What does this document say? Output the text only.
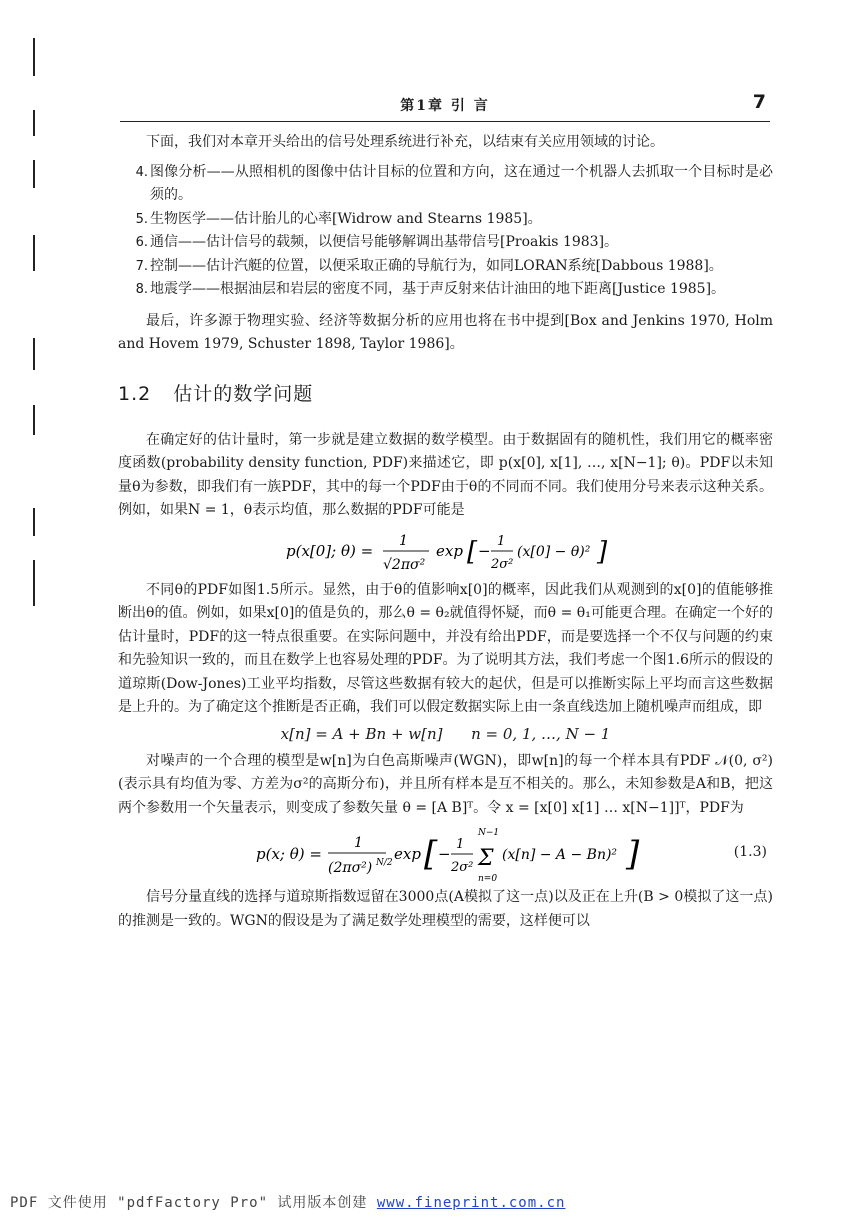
第1章 引 言	7

下面，我们对本章开头给出的信号处理系统进行补充，以结束有关应用领域的讨论。

4. 图像分析——从照相机的图像中估计目标的位置和方向，这在通过一个机器人去抓取一个目标时是必须的。
5. 生物医学——估计胎儿的心率[Widrow and Stearns 1985]。
6. 通信——估计信号的载频，以便信号能够解调出基带信号[Proakis 1983]。
7. 控制——估计汽艇的位置，以便采取正确的导航行为，如同LORAN系统[Dabbous 1988]。
8. 地震学——根据油层和岩层的密度不同，基于声反射来估计油田的地下距离[Justice 1985]。

最后，许多源于物理实验、经济等数据分析的应用也将在书中提到[Box and Jenkins 1970, Holm and Hovem 1979, Schuster 1898, Taylor 1986]。

1.2 估计的数学问题

在确定好的估计量时，第一步就是建立数据的数学模型。由于数据固有的随机性，我们用它的概率密度函数(probability density function, PDF)来描述它，即 p(x[0], x[1], …, x[N−1]; θ)。PDF以未知量θ为参数，即我们有一族PDF，其中的每一个PDF由于θ的不同而不同。我们使用分号来表示这种关系。例如，如果N = 1，θ表示均值，那么数据的PDF可能是

p(x[0]; θ) =
1
√2πσ²
exp [ −
1
2σ²
(x[0] − θ)² ]

不同θ的PDF如图1.5所示。显然，由于θ的值影响x[0]的概率，因此我们从观测到的x[0]的值能够推断出θ的值。例如，如果x[0]的值是负的，那么θ = θ₂就值得怀疑，而θ = θ₁可能更合理。在确定一个好的估计量时，PDF的这一特点很重要。在实际问题中，并没有给出PDF，而是要选择一个不仅与问题的约束和先验知识一致的，而且在数学上也容易处理的PDF。为了说明其方法，我们考虑一个图1.6所示的假设的道琼斯(Dow-Jones)工业平均指数，尽管这些数据有较大的起伏，但是可以推断实际上平均而言这些数据是上升的。为了确定这个推断是否正确，我们可以假定数据实际上由一条直线迭加上随机噪声而组成，即

x[n] = A + Bn + w[n]      n = 0, 1, …, N − 1

对噪声的一个合理的模型是w[n]为白色高斯噪声(WGN)，即w[n]的每一个样本具有PDF 𝒩(0, σ²)(表示具有均值为零、方差为σ²的高斯分布)，并且所有样本是互不相关的。那么，未知参数是A和B，把这两个参数用一个矢量表示，则变成了参数矢量 θ = [A B]ᵀ。令 x = [x[0] x[1] … x[N−1]]ᵀ，PDF为

p(x; θ) =
1
(2πσ²) N/2 exp [ −
1
2σ²
N−1
Σ
n=0
(x[n] − A − Bn)² ]	(1.3)

信号分量直线的选择与道琼斯指数逗留在3000点(A模拟了这一点)以及正在上升(B > 0模拟了这一点)的推测是一致的。WGN的假设是为了满足数学处理模型的需要，这样便可以

PDF 文件使用 "pdfFactory Pro" 试用版本创建 www.fineprint.com.cn
